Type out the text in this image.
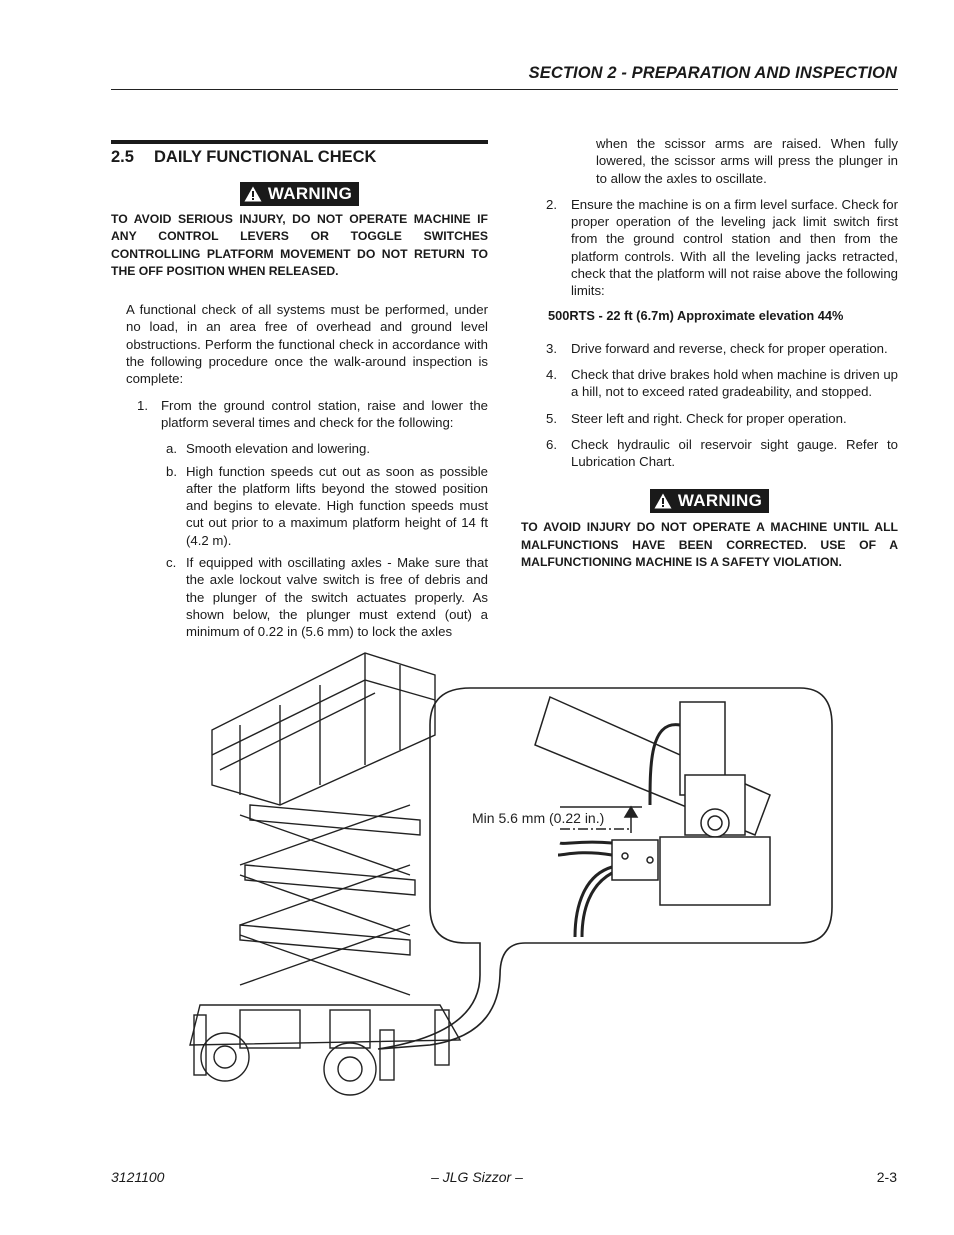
SECTION 2 - PREPARATION AND INSPECTION
2.5 DAILY FUNCTIONAL CHECK
WARNING
TO AVOID SERIOUS INJURY, DO NOT OPERATE MACHINE IF ANY CONTROL LEVERS OR TOGGLE SWITCHES CONTROLLING PLATFORM MOVEMENT DO NOT RETURN TO THE OFF POSITION WHEN RELEASED.
A functional check of all systems must be performed, under no load, in an area free of overhead and ground level obstructions. Perform the functional check in accordance with the following procedure once the walk-around inspection is complete:
1. From the ground control station, raise and lower the platform several times and check for the following:
a. Smooth elevation and lowering.
b. High function speeds cut out as soon as possible after the platform lifts beyond the stowed position and begins to elevate. High function speeds must cut out prior to a maximum platform height of 14 ft (4.2 m).
c. If equipped with oscillating axles - Make sure that the axle lockout valve switch is free of debris and the plunger of the switch actuates properly. As shown below, the plunger must extend (out) a minimum of 0.22 in (5.6 mm) to lock the axles
when the scissor arms are raised. When fully lowered, the scissor arms will press the plunger in to allow the axles to oscillate.
2. Ensure the machine is on a firm level surface. Check for proper operation of the leveling jack limit switch first from the ground control station and then from the platform controls. With all the leveling jacks retracted, check that the platform will not raise above the following limits:
500RTS - 22 ft (6.7m) Approximate elevation 44%
3. Drive forward and reverse, check for proper operation.
4. Check that drive brakes hold when machine is driven up a hill, not to exceed rated gradeability, and stopped.
5. Steer left and right. Check for proper operation.
6. Check hydraulic oil reservoir sight gauge. Refer to Lubrication Chart.
WARNING
TO AVOID INJURY DO NOT OPERATE A MACHINE UNTIL ALL MALFUNCTIONS HAVE BEEN CORRECTED. USE OF A MALFUNCTIONING MACHINE IS A SAFETY VIOLATION.
Min 5.6 mm (0.22 in.)
3121100	– JLG Sizzor –	2-3
